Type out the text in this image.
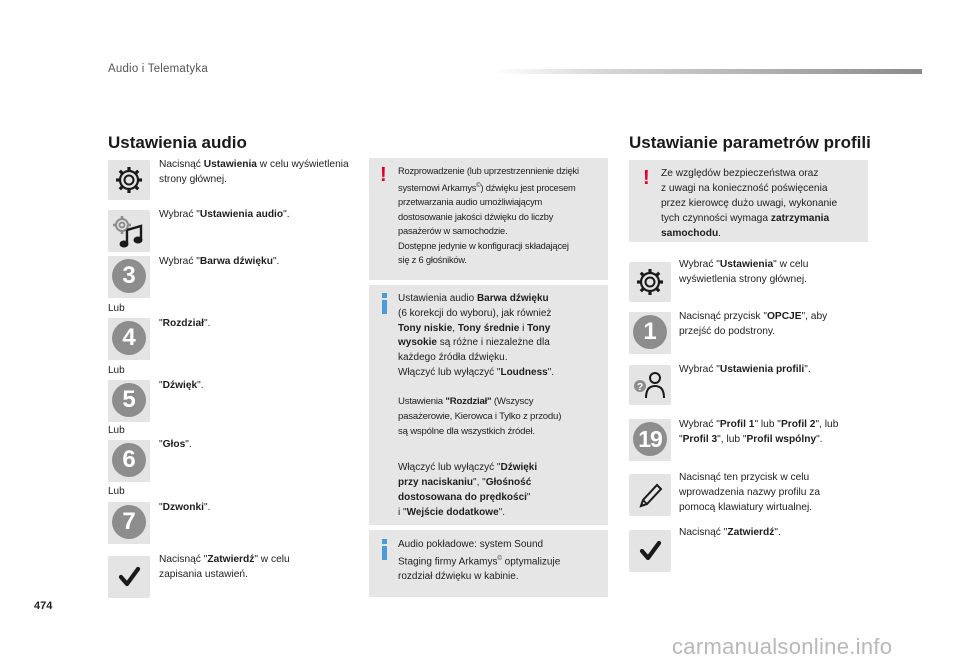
Audio i Telematyka
Ustawienia audio
Nacisnąć Ustawienia w celu wyświetlenia strony głównej.
Wybrać "Ustawienia audio".
3
Wybrać "Barwa dźwięku".
Lub
4
"Rozdział".
Lub
5
"Dźwięk".
Lub
6
"Głos".
Lub
7
"Dzwonki".
Nacisnąć "Zatwierdź" w celu zapisania ustawień.
! Rozprowadzenie (lub uprzestrzennienie dzięki
systemowi Arkamys©) dźwięku jest procesem
przetwarzania audio umożliwiającym
dostosowanie jakości dźwięku do liczby
pasażerów w samochodzie.
Dostępne jedynie w konfiguracji składającej
się z 6 głośników.
Ustawienia audio Barwa dźwięku
(6 korekcji do wyboru), jak również
Tony niskie, Tony średnie i Tony
wysokie są różne i niezależne dla
każdego źródła dźwięku.
Włączyć lub wyłączyć "Loudness".
Ustawienia "Rozdział" (Wszyscy
pasażerowie, Kierowca i Tylko z przodu)
są wspólne dla wszystkich źródeł.
Włączyć lub wyłączyć "Dźwięki
przy naciskaniu", "Głośność
dostosowana do prędkości"
i "Wejście dodatkowe".
Audio pokładowe: system Sound
Staging firmy Arkamys© optymalizuje
rozdział dźwięku w kabinie.
Ustawianie parametrów profili
! Ze względów bezpieczeństwa oraz
z uwagi na konieczność poświęcenia
przez kierowcę dużo uwagi, wykonanie
tych czynności wymaga zatrzymania
samochodu.
Wybrać "Ustawienia" w celu
wyświetlenia strony głównej.
1
Nacisnąć przycisk "OPCJE", aby
przejść do podstrony.
?
Wybrać "Ustawienia profili".
19
Wybrać "Profil 1" lub "Profil 2", lub
"Profil 3", lub "Profil wspólny".
Nacisnąć ten przycisk w celu
wprowadzenia nazwy profilu za
pomocą klawiatury wirtualnej.
Nacisnąć "Zatwierdź".
474
carmanualsonline.info
